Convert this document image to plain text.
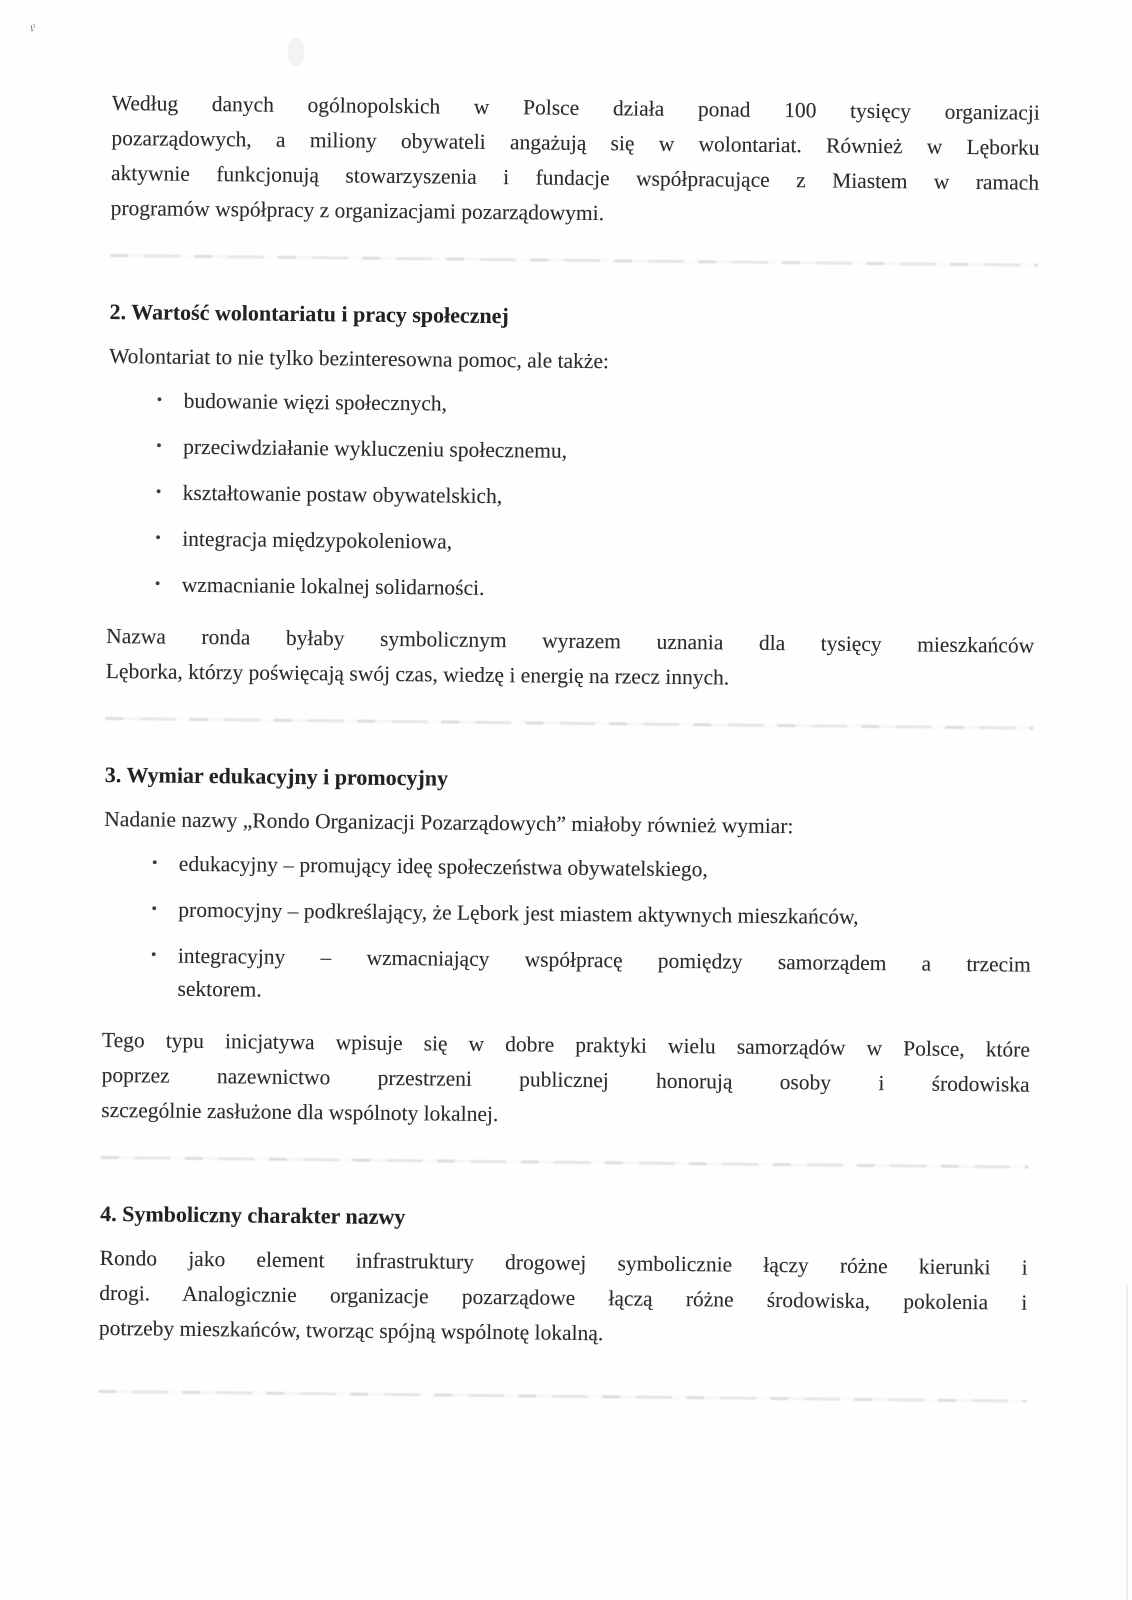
ıᵗ
Według danych ogólnopolskich w Polsce działa ponad 100 tysięcy organizacji
pozarządowych, a miliony obywateli angażują się w wolontariat. Również w Lęborku
aktywnie funkcjonują stowarzyszenia i fundacje współpracujące z Miastem w ramach
programów współpracy z organizacjami pozarządowymi.
2. Wartość wolontariatu i pracy społecznej
Wolontariat to nie tylko bezinteresowna pomoc, ale także:
• budowanie więzi społecznych,
• przeciwdziałanie wykluczeniu społecznemu,
• kształtowanie postaw obywatelskich,
• integracja międzypokoleniowa,
• wzmacnianie lokalnej solidarności.
Nazwa ronda byłaby symbolicznym wyrazem uznania dla tysięcy mieszkańców
Lęborka, którzy poświęcają swój czas, wiedzę i energię na rzecz innych.
3. Wymiar edukacyjny i promocyjny
Nadanie nazwy „Rondo Organizacji Pozarządowych” miałoby również wymiar:
• edukacyjny – promujący ideę społeczeństwa obywatelskiego,
• promocyjny – podkreślający, że Lębork jest miastem aktywnych mieszkańców,
• integracyjny – wzmacniający współpracę pomiędzy samorządem a trzecim
sektorem.
Tego typu inicjatywa wpisuje się w dobre praktyki wielu samorządów w Polsce, które
poprzez nazewnictwo przestrzeni publicznej honorują osoby i środowiska
szczególnie zasłużone dla wspólnoty lokalnej.
4. Symboliczny charakter nazwy
Rondo jako element infrastruktury drogowej symbolicznie łączy różne kierunki i
drogi. Analogicznie organizacje pozarządowe łączą różne środowiska, pokolenia i
potrzeby mieszkańców, tworząc spójną wspólnotę lokalną.
